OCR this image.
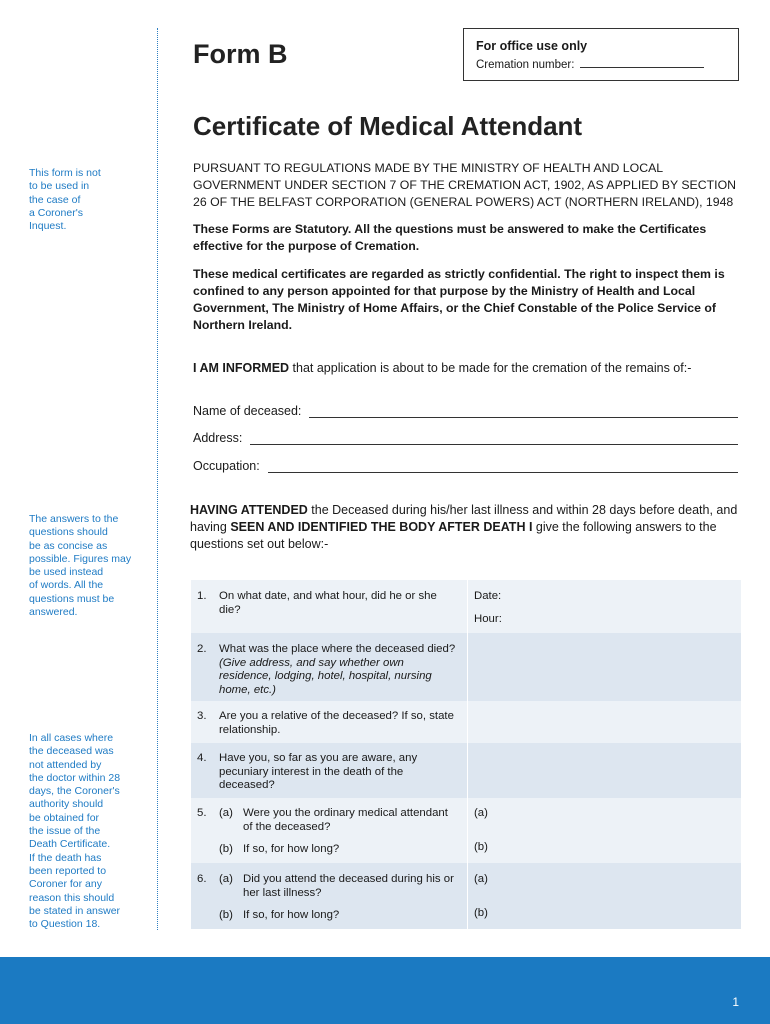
This form is not
to be used in
the case of
a Coroner's
Inquest.
The answers to the
questions should
be as concise as
possible. Figures may
be used instead
of words. All the
questions must be
answered.
In all cases where
the deceased was
not attended by
the doctor within 28
days, the Coroner's
authority should
be obtained for
the issue of the
Death Certificate.
If the death has
been reported to
Coroner for any
reason this should
be stated in answer
to Question 18.
Form B	For office use only
Cremation number:
Certificate of Medical Attendant
PURSUANT TO REGULATIONS MADE BY THE MINISTRY OF HEALTH AND LOCAL GOVERNMENT UNDER SECTION 7 OF THE CREMATION ACT, 1902, AS APPLIED BY SECTION 26 OF THE BELFAST CORPORATION (GENERAL POWERS) ACT (NORTHERN IRELAND), 1948
These Forms are Statutory. All the questions must be answered to make the Certificates effective for the purpose of Cremation.
These medical certificates are regarded as strictly confidential. The right to inspect them is confined to any person appointed for that purpose by the Ministry of Health and Local Government, The Ministry of Home Affairs, or the Chief Constable of the Police Service of Northern Ireland.
I AM INFORMED that application is about to be made for the cremation of the remains of:-
Name of deceased:
Address:
Occupation:
HAVING ATTENDED the Deceased during his/her last illness and within 28 days before death, and having SEEN AND IDENTIFIED THE BODY AFTER DEATH I give the following answers to the questions set out below:-
1.	On what date, and what hour, did he or she die?
Date:
Hour:
2.	What was the place where the deceased died? (Give address, and say whether own residence, lodging, hotel, hospital, nursing home, etc.)
3.	Are you a relative of the deceased? If so, state relationship.
4.	Have you, so far as you are aware, any pecuniary interest in the death of the deceased?
5.	(a) Were you the ordinary medical attendant of the deceased?
(b) If so, for how long?
(a)
(b)
6.	(a) Did you attend the deceased during his or her last illness?
(b) If so, for how long?
(a)
(b)
1
